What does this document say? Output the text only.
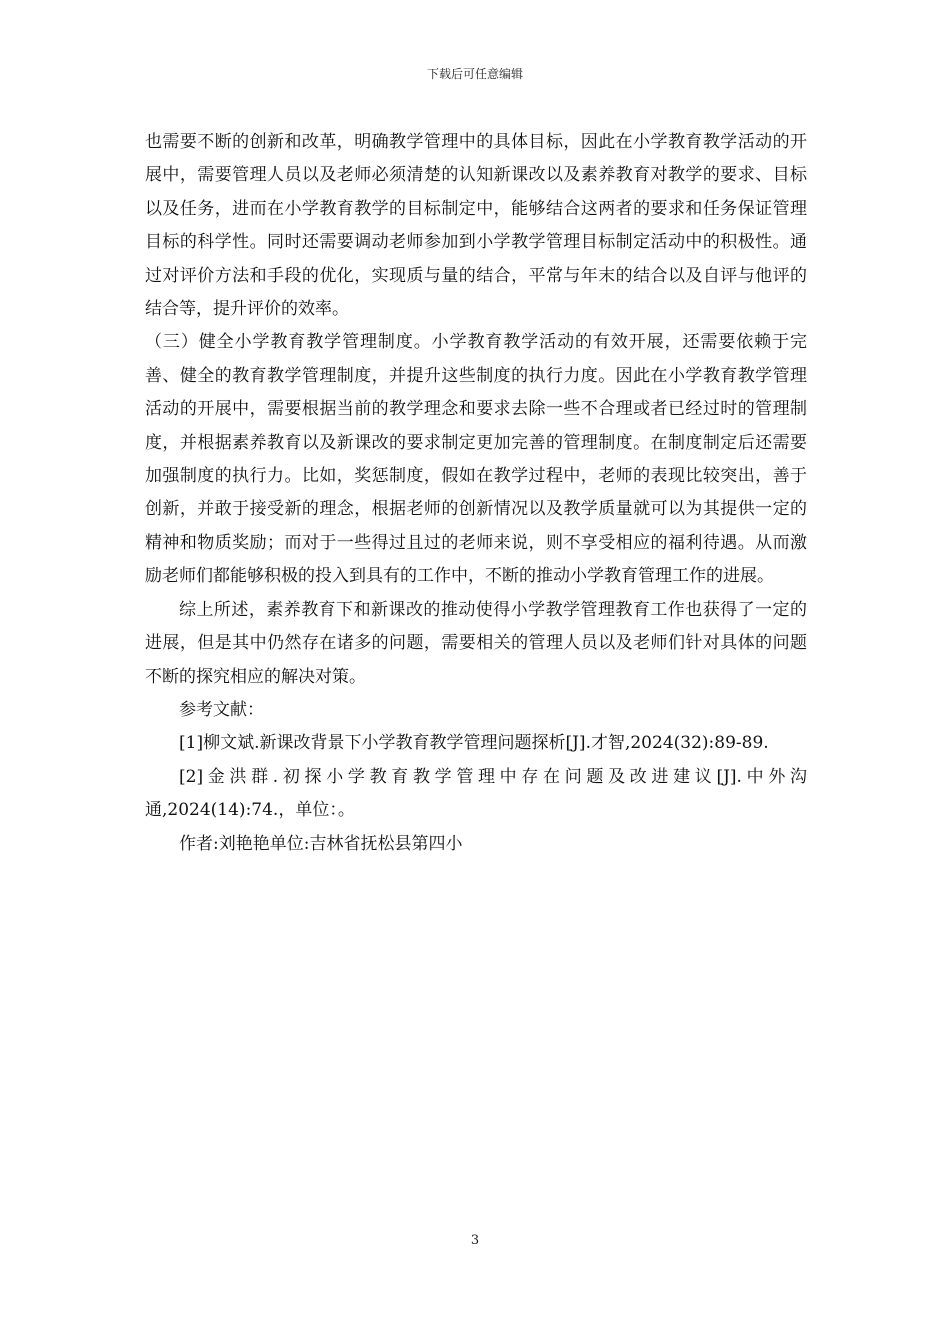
下载后可任意编辑

也需要不断的创新和改革，明确教学管理中的具体目标，因此在小学教育教学活动的开展中，需要管理人员以及老师必须清楚的认知新课改以及素养教育对教学的要求、目标以及任务，进而在小学教育教学的目标制定中，能够结合这两者的要求和任务保证管理目标的科学性。同时还需要调动老师参加到小学教学管理目标制定活动中的积极性。通过对评价方法和手段的优化，实现质与量的结合，平常与年末的结合以及自评与他评的结合等，提升评价的效率。

（三）健全小学教育教学管理制度。小学教育教学活动的有效开展，还需要依赖于完善、健全的教育教学管理制度，并提升这些制度的执行力度。因此在小学教育教学管理活动的开展中，需要根据当前的教学理念和要求去除一些不合理或者已经过时的管理制度，并根据素养教育以及新课改的要求制定更加完善的管理制度。在制度制定后还需要加强制度的执行力。比如，奖惩制度，假如在教学过程中，老师的表现比较突出，善于创新，并敢于接受新的理念，根据老师的创新情况以及教学质量就可以为其提供一定的精神和物质奖励；而对于一些得过且过的老师来说，则不享受相应的福利待遇。从而激励老师们都能够积极的投入到具有的工作中，不断的推动小学教育管理工作的进展。

综上所述，素养教育下和新课改的推动使得小学教学管理教育工作也获得了一定的进展，但是其中仍然存在诸多的问题，需要相关的管理人员以及老师们针对具体的问题不断的探究相应的解决对策。

参考文献：

[1]柳文斌.新课改背景下小学教育教学管理问题探析[J].才智,2024(32):89-89.

[2]金洪群.初探小学教育教学管理中存在问题及改进建议[J].中外沟通,2024(14):74.，单位：。

作者:刘艳艳单位:吉林省抚松县第四小

3
